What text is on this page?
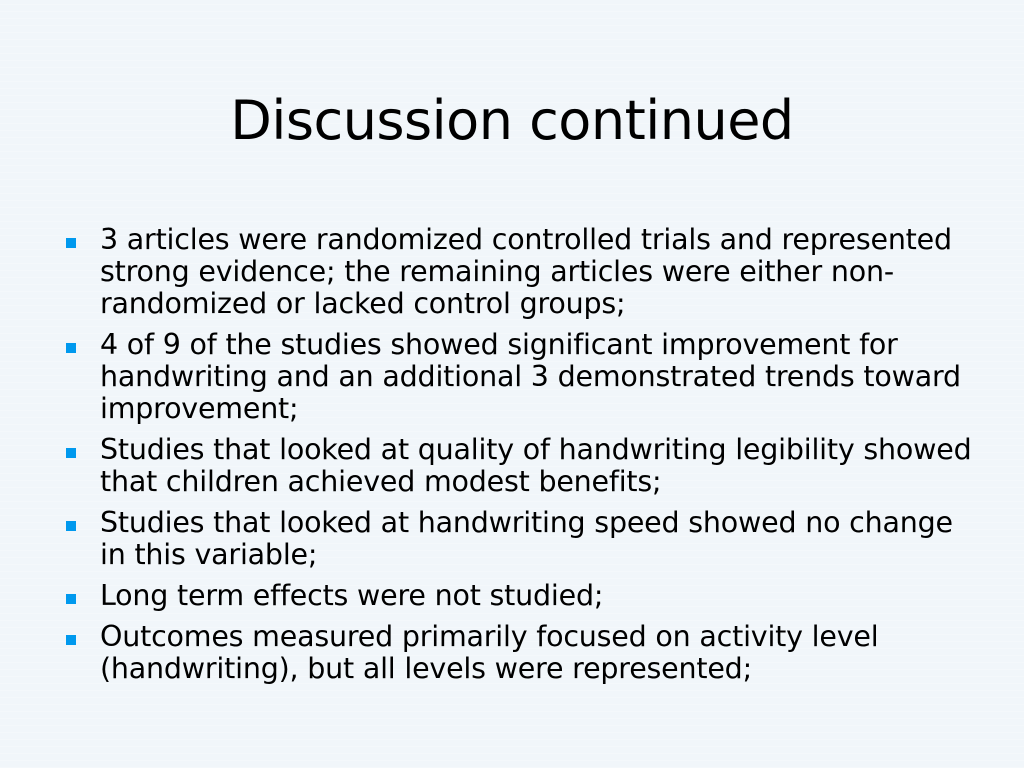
Discussion continued
3 articles were randomized controlled trials and represented strong evidence; the remaining articles were either non-randomized or lacked control groups;
4 of 9 of the studies showed significant improvement for handwriting and an additional 3 demonstrated trends toward improvement;
Studies that looked at quality of handwriting legibility showed that children achieved modest benefits;
Studies that looked at handwriting speed showed no change in this variable;
Long term effects were not studied;
Outcomes measured primarily focused on activity level (handwriting), but all levels were represented;
